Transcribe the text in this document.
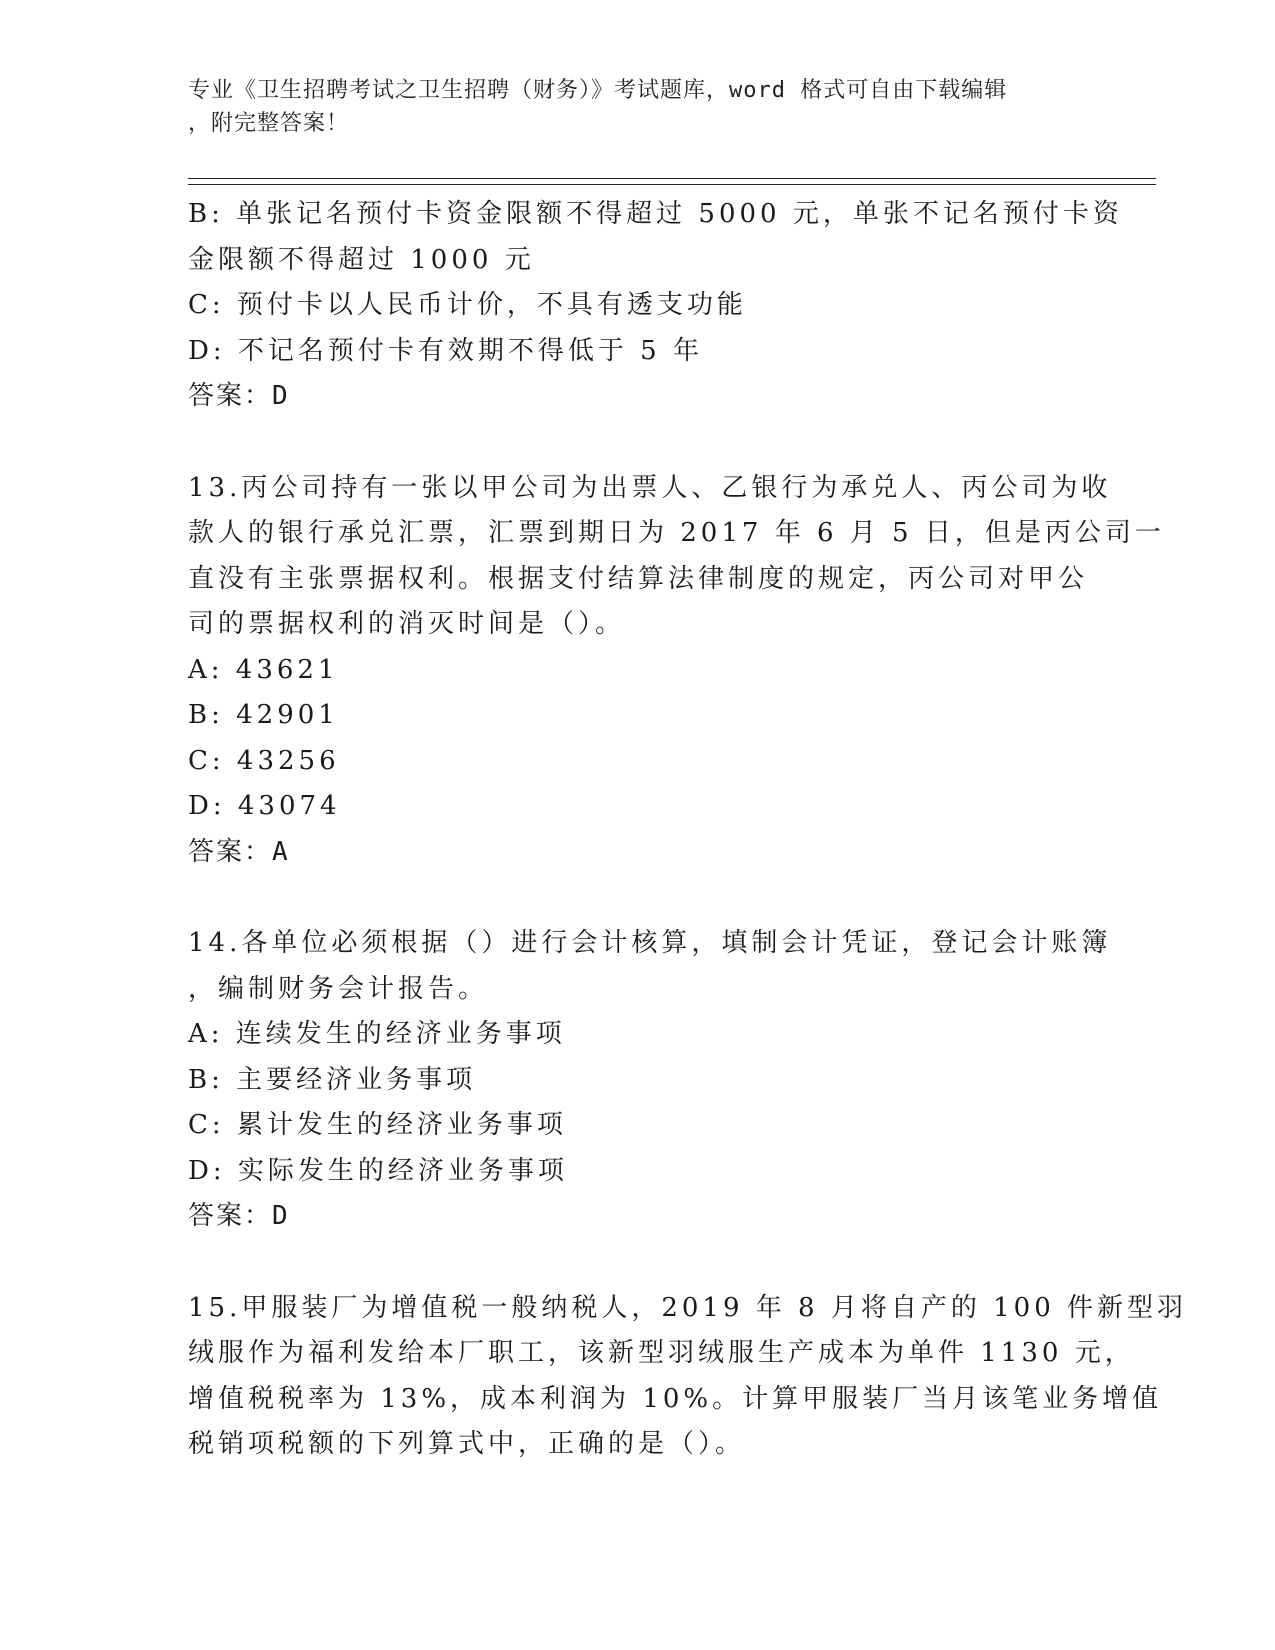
专业《卫生招聘考试之卫生招聘（财务）》考试题库，word 格式可自由下载编辑
，附完整答案！
B: 单张记名预付卡资金限额不得超过 5000 元，单张不记名预付卡资
金限额不得超过 1000 元
C: 预付卡以人民币计价，不具有透支功能
D: 不记名预付卡有效期不得低于 5 年
答案：D
13.丙公司持有一张以甲公司为出票人、乙银行为承兑人、丙公司为收
款人的银行承兑汇票，汇票到期日为 2017 年 6 月 5 日，但是丙公司一
直没有主张票据权利。根据支付结算法律制度的规定，丙公司对甲公
司的票据权利的消灭时间是（）。
A: 43621
B: 42901
C: 43256
D: 43074
答案：A
14.各单位必须根据（）进行会计核算，填制会计凭证，登记会计账簿
，编制财务会计报告。
A: 连续发生的经济业务事项
B: 主要经济业务事项
C: 累计发生的经济业务事项
D: 实际发生的经济业务事项
答案：D
15.甲服装厂为增值税一般纳税人，2019 年 8 月将自产的 100 件新型羽
绒服作为福利发给本厂职工，该新型羽绒服生产成本为单件 1130 元，
增值税税率为 13%，成本利润为 10%。计算甲服装厂当月该笔业务增值
税销项税额的下列算式中，正确的是（）。
